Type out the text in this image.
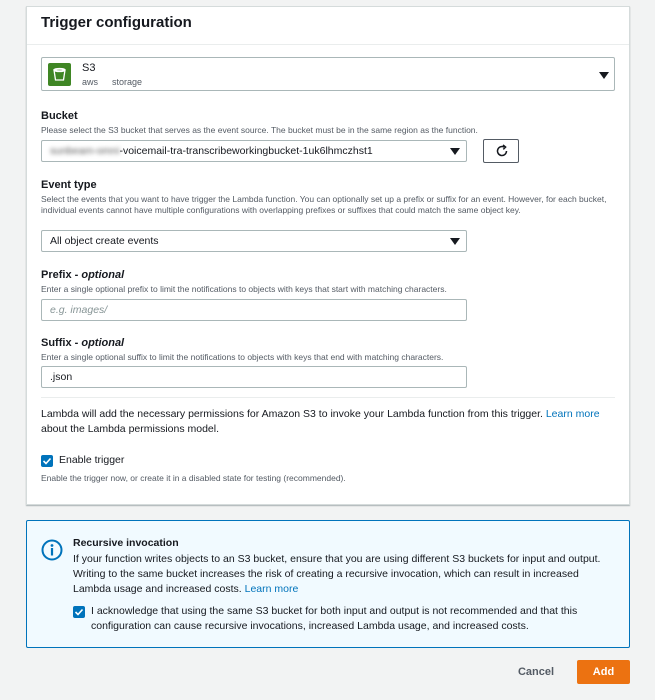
Trigger configuration
S3
aws storage
Bucket
Please select the S3 bucket that serves as the event source. The bucket must be in the same region as the function.
sunbeam-omni-voicemail-tra-transcribeworkingbucket-1uk6lhmczhst1
Event type
Select the events that you want to have trigger the Lambda function. You can optionally set up a prefix or suffix for an event. However, for each bucket, individual events cannot have multiple configurations with overlapping prefixes or suffixes that could match the same object key.
All object create events
Prefix - optional
Enter a single optional prefix to limit the notifications to objects with keys that start with matching characters.
e.g. images/
Suffix - optional
Enter a single optional suffix to limit the notifications to objects with keys that end with matching characters.
.json
Lambda will add the necessary permissions for Amazon S3 to invoke your Lambda function from this trigger. Learn more about the Lambda permissions model.
Enable trigger
Enable the trigger now, or create it in a disabled state for testing (recommended).
Recursive invocation
If your function writes objects to an S3 bucket, ensure that you are using different S3 buckets for input and output. Writing to the same bucket increases the risk of creating a recursive invocation, which can result in increased Lambda usage and increased costs. Learn more
I acknowledge that using the same S3 bucket for both input and output is not recommended and that this configuration can cause recursive invocations, increased Lambda usage, and increased costs.
Cancel	Add
